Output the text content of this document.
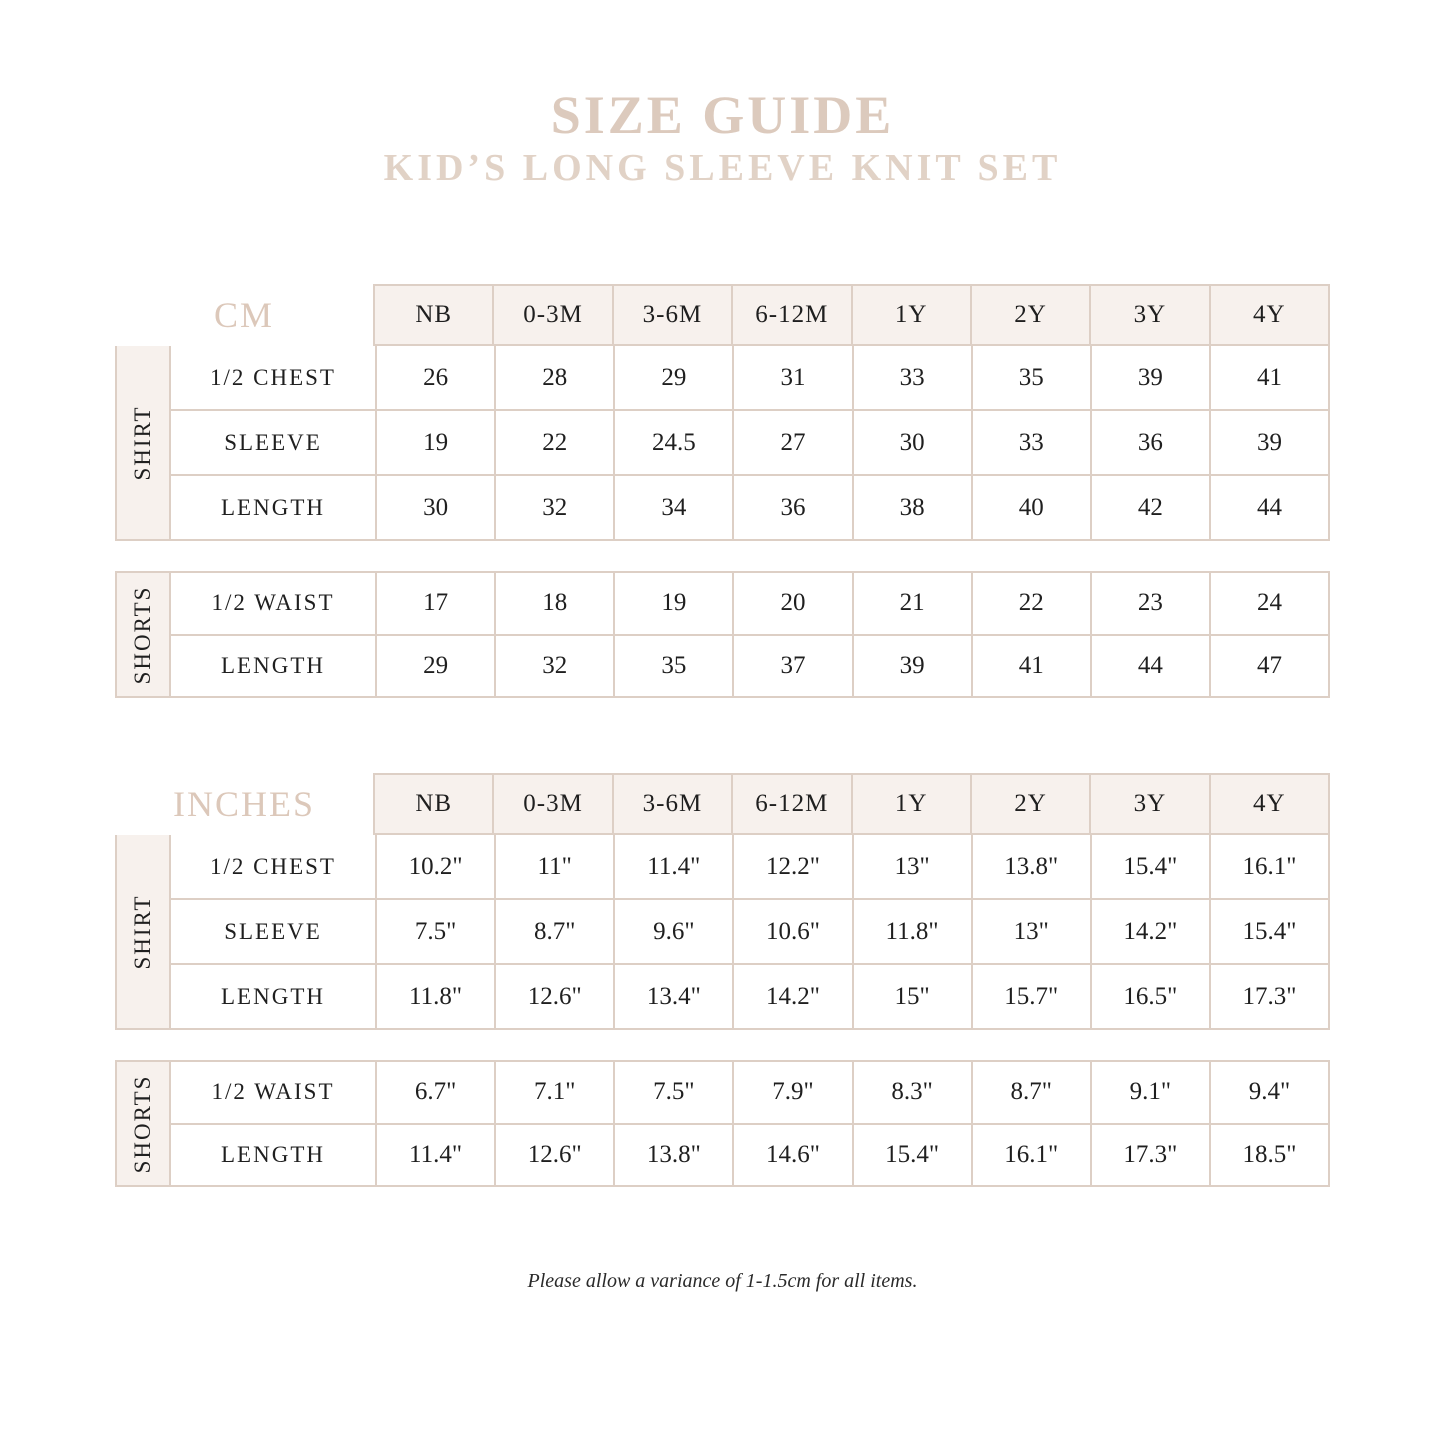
SIZE GUIDE
KID’S LONG SLEEVE KNIT SET
CM	NB	0-3M	3-6M	6-12M	1Y	2Y	3Y	4Y
SHIRT
1/2 CHEST	26	28	29	31	33	35	39	41
SLEEVE	19	22	24.5	27	30	33	36	39
LENGTH	30	32	34	36	38	40	42	44
SHORTS	1/2 WAIST	17	18	19	20	21	22	23	24
LENGTH	29	32	35	37	39	41	44	47
INCHES	NB	0-3M	3-6M	6-12M	1Y	2Y	3Y	4Y
SHIRT
1/2 CHEST	10.2"	11"	11.4"	12.2"	13"	13.8"	15.4"	16.1"
SLEEVE	7.5"	8.7"	9.6"	10.6"	11.8"	13"	14.2"	15.4"
LENGTH	11.8"	12.6"	13.4"	14.2"	15"	15.7"	16.5"	17.3"
SHORTS	1/2 WAIST	6.7"	7.1"	7.5"	7.9"	8.3"	8.7"	9.1"	9.4"
LENGTH	11.4"	12.6"	13.8"	14.6"	15.4"	16.1"	17.3"	18.5"
Please allow a variance of 1-1.5cm for all items.
